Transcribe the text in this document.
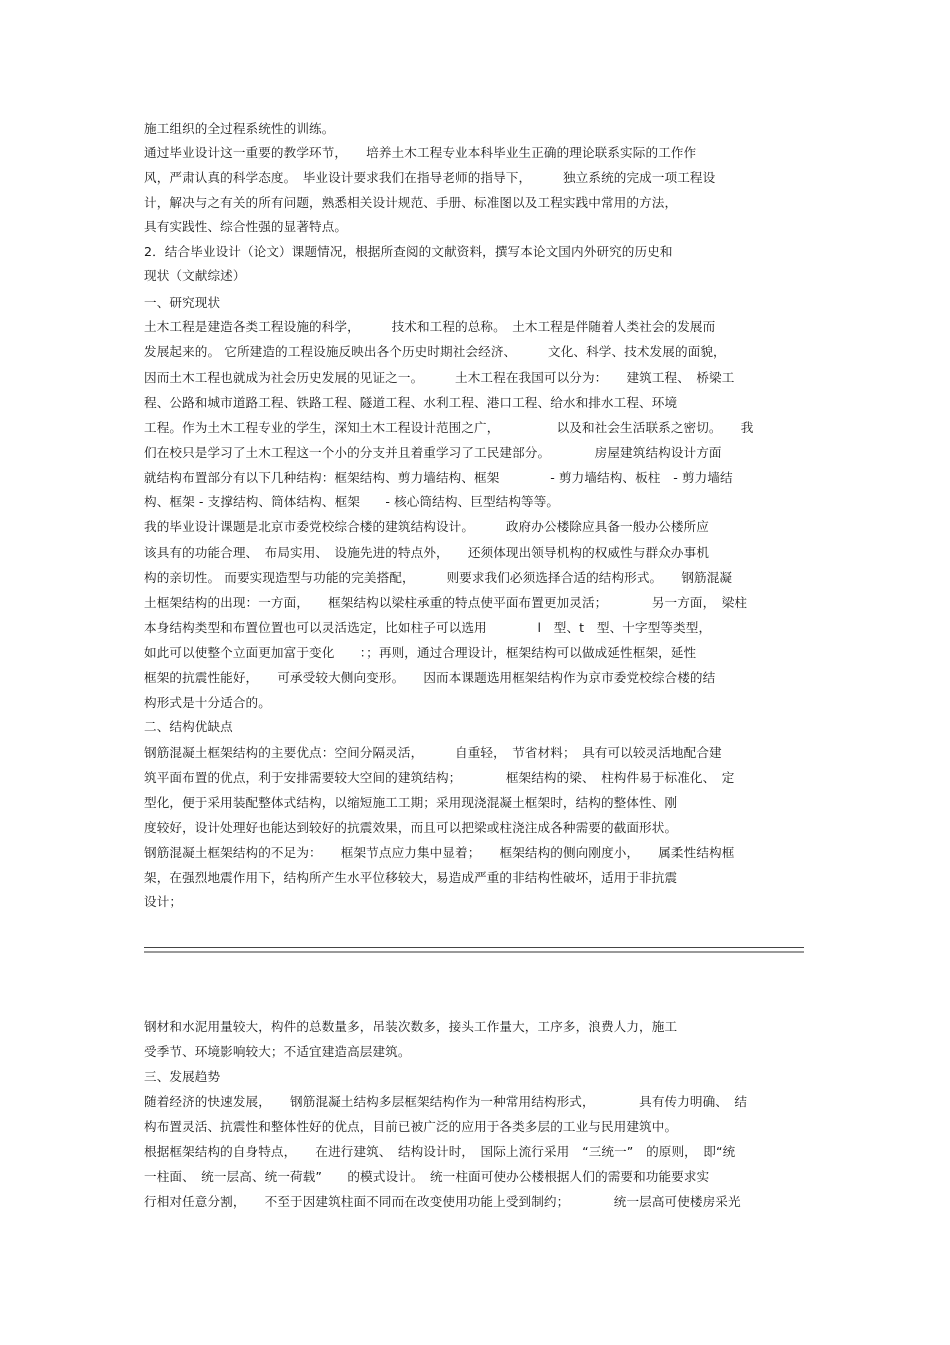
施工组织的全过程系统性的训练。
通过毕业设计这一重要的教学环节，　　培养土木工程专业本科毕业生正确的理论联系实际的工作作
风，严肃认真的科学态度。　毕业设计要求我们在指导老师的指导下，　　　独立系统的完成一项工程设
计，解决与之有关的所有问题，熟悉相关设计规范、手册、标准图以及工程实践中常用的方法，
具有实践性、综合性强的显著特点。
2．结合毕业设计（论文）课题情况，根据所查阅的文献资料，撰写本论文国内外研究的历史和
现状（文献综述）
一、研究现状
土木工程是建造各类工程设施的科学，　　　技术和工程的总称。　土木工程是伴随着人类社会的发展而
发展起来的。 它所建造的工程设施反映出各个历史时期社会经济、　　　文化、科学、技术发展的面貌，
因而土木工程也就成为社会历史发展的见证之一。　　　土木工程在我国可以分为：　　建筑工程、　桥梁工
程、公路和城市道路工程、铁路工程、隧道工程、水利工程、港口工程、给水和排水工程、环境
工程。作为土木工程专业的学生，深知土木工程设计范围之广，　　　　　以及和社会生活联系之密切。　　我
们在校只是学习了土木工程这一个小的分支并且着重学习了工民建部分。　　　　房屋建筑结构设计方面
就结构布置部分有以下几种结构：框架结构、剪力墙结构、框架　　　　- 剪力墙结构、板柱　- 剪力墙结
构、框架 - 支撑结构、筒体结构、框架　　- 核心筒结构、巨型结构等等。
我的毕业设计课题是北京市委党校综合楼的建筑结构设计。　　　政府办公楼除应具备一般办公楼所应
该具有的功能合理、　布局实用、　设施先进的特点外，　　还须体现出领导机构的权威性与群众办事机
构的亲切性。 而要实现造型与功能的完美搭配，　　　则要求我们必须选择合适的结构形式。　　钢筋混凝
土框架结构的出现：一方面，　　框架结构以梁柱承重的特点使平面布置更加灵活；　　　　另一方面，　梁柱
本身结构类型和布置位置也可以灵活选定，比如柱子可以选用　　　　l　型、t　型、十字型等类型，
如此可以使整个立面更加富于变化　　：；再则，通过合理设计，框架结构可以做成延性框架，延性
框架的抗震性能好，　　可承受较大侧向变形。　　因而本课题选用框架结构作为京市委党校综合楼的结
构形式是十分适合的。
二、结构优缺点
钢筋混凝土框架结构的主要优点：空间分隔灵活，　　　自重轻，　节省材料；　具有可以较灵活地配合建
筑平面布置的优点，利于安排需要较大空间的建筑结构；　　　　框架结构的梁、　柱构件易于标准化、　定
型化，便于采用装配整体式结构，以缩短施工工期；采用现浇混凝土框架时，结构的整体性、刚
度较好，设计处理好也能达到较好的抗震效果，而且可以把梁或柱浇注成各种需要的截面形状。
钢筋混凝土框架结构的不足为：　　框架节点应力集中显着；　　框架结构的侧向刚度小，　　属柔性结构框
架，在强烈地震作用下，结构所产生水平位移较大，易造成严重的非结构性破坏，适用于非抗震
设计；
钢材和水泥用量较大，构件的总数量多，吊装次数多，接头工作量大，工序多，浪费人力，施工
受季节、环境影响较大；不适宜建造高层建筑。
三、发展趋势
随着经济的快速发展，　　钢筋混凝土结构多层框架结构作为一种常用结构形式，　　　　具有传力明确、　结
构布置灵活、抗震性和整体性好的优点，目前已被广泛的应用于各类多层的工业与民用建筑中。
根据框架结构的自身特点，　　在进行建筑、　结构设计时，　国际上流行采用　“三统一”　的原则，　即“统
一柱面、　统一层高、统一荷载”　　的模式设计。　统一柱面可使办公楼根据人们的需要和功能要求实
行相对任意分割，　　不至于因建筑柱面不同而在改变使用功能上受到制约；　　　　统一层高可使楼房采光
